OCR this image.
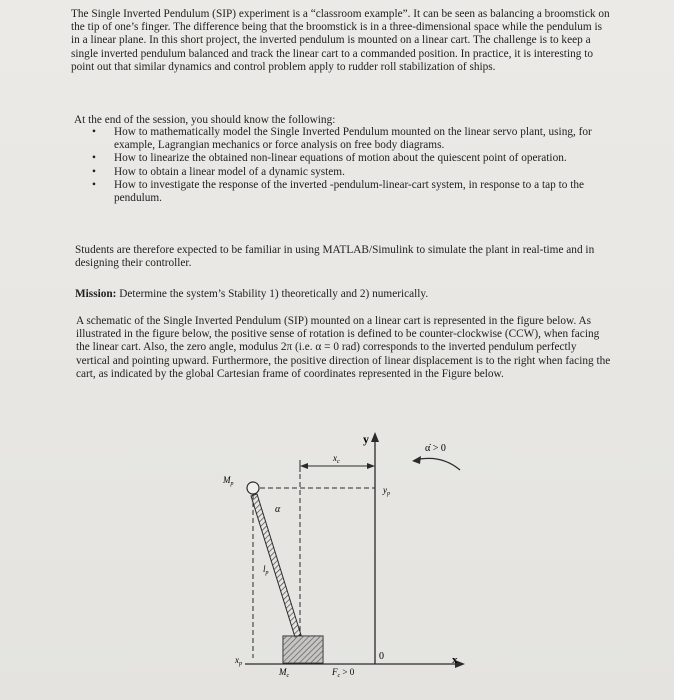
The Single Inverted Pendulum (SIP) experiment is a “classroom example”. It can be seen as balancing a broomstick on the tip of one’s finger. The difference being that the broomstick is in a three-dimensional space while the pendulum is in a linear plane. In this short project, the inverted pendulum is mounted on a linear cart. The challenge is to keep a single inverted pendulum balanced and track the linear cart to a commanded position. In practice, it is interesting to point out that similar dynamics and control problem apply to rudder roll stabilization of ships.
At the end of the session, you should know the following:
• How to mathematically model the Single Inverted Pendulum mounted on the linear servo plant, using, for example, Lagrangian mechanics or force analysis on free body diagrams.
• How to linearize the obtained non-linear equations of motion about the quiescent point of operation.
• How to obtain a linear model of a dynamic system.
• How to investigate the response of the inverted -pendulum-linear-cart system, in response to a tap to the pendulum.
Students are therefore expected to be familiar in using MATLAB/Simulink to simulate the plant in real-time and in designing their controller.
Mission: Determine the system’s Stability 1) theoretically and 2) numerically.
A schematic of the Single Inverted Pendulum (SIP) mounted on a linear cart is represented in the figure below. As illustrated in the figure below, the positive sense of rotation is defined to be counter-clockwise (CCW), when facing the linear cart. Also, the zero angle, modulus 2π (i.e. α = 0 rad) corresponds to the inverted pendulum perfectly vertical and pointing upward. Furthermore, the positive direction of linear displacement is to the right when facing the cart, as indicated by the global Cartesian frame of coordinates represented in the Figure below.
y
x
0
α̇ > 0
$x_c$
$y_p$
$x_p$
$M_p$
α
$l_p$
$M_c$	$F_c > 0$
